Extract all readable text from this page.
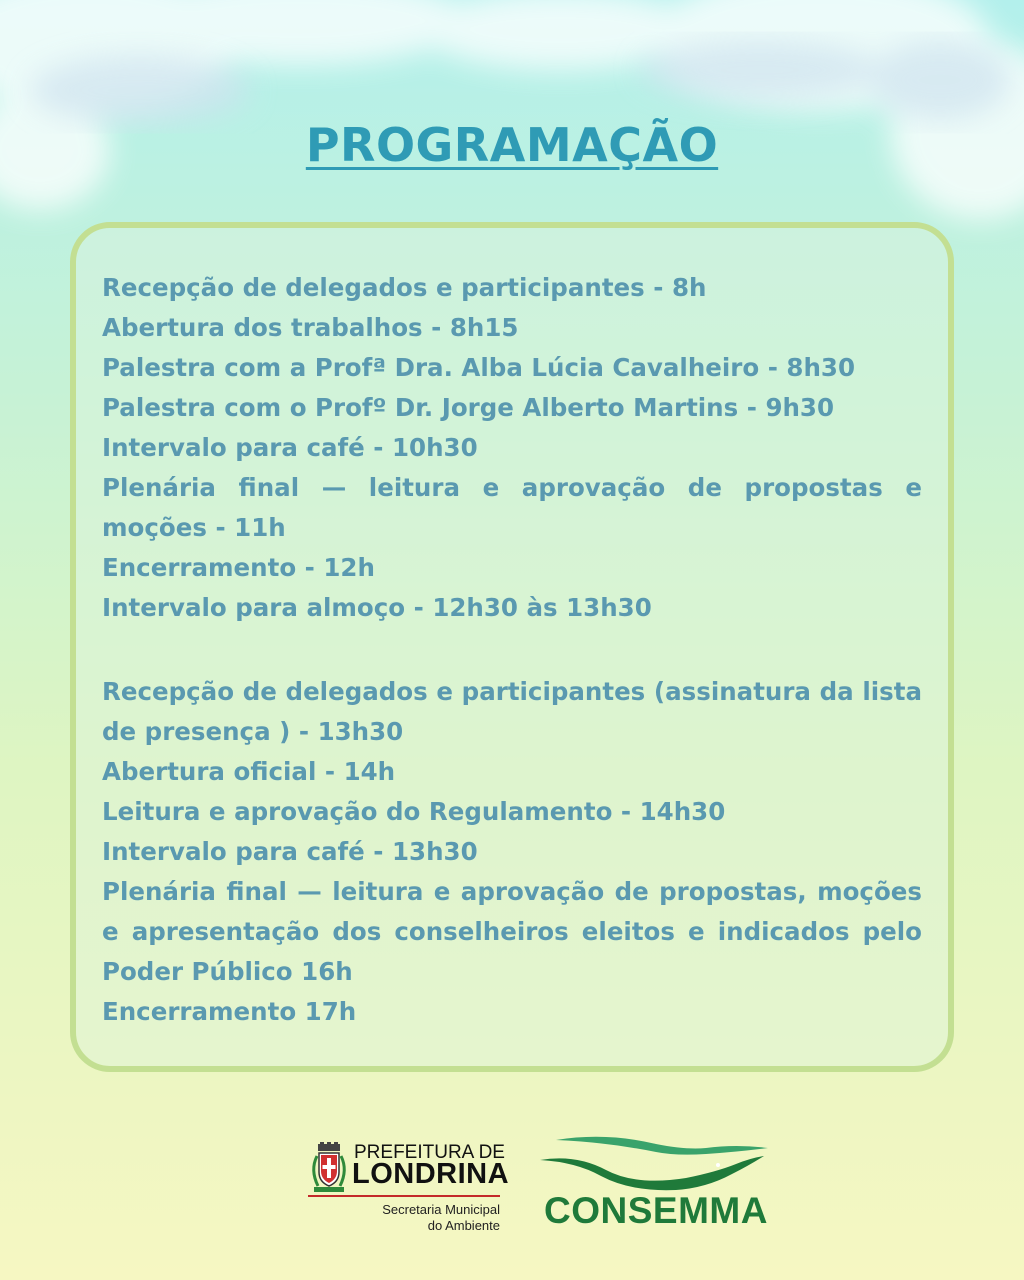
PROGRAMAÇÃO
Recepção de delegados e participantes - 8h
Abertura dos trabalhos - 8h15
Palestra com a Profª Dra. Alba Lúcia Cavalheiro - 8h30
Palestra com o Profº Dr. Jorge Alberto Martins - 9h30
Intervalo para café - 10h30
Plenária final — leitura e aprovação de propostas e moções - 11h
Encerramento - 12h
Intervalo para almoço - 12h30 às 13h30
Recepção de delegados e participantes (assinatura da lista de presença ) - 13h30
Abertura oficial - 14h
Leitura e aprovação do Regulamento - 14h30
Intervalo para café - 13h30
Plenária final — leitura e aprovação de propostas, moções e apresentação dos conselheiros eleitos e indicados pelo Poder Público 16h
Encerramento 17h
PREFEITURA DE
LONDRINA
Secretaria Municipal
do Ambiente CONSEMMA
